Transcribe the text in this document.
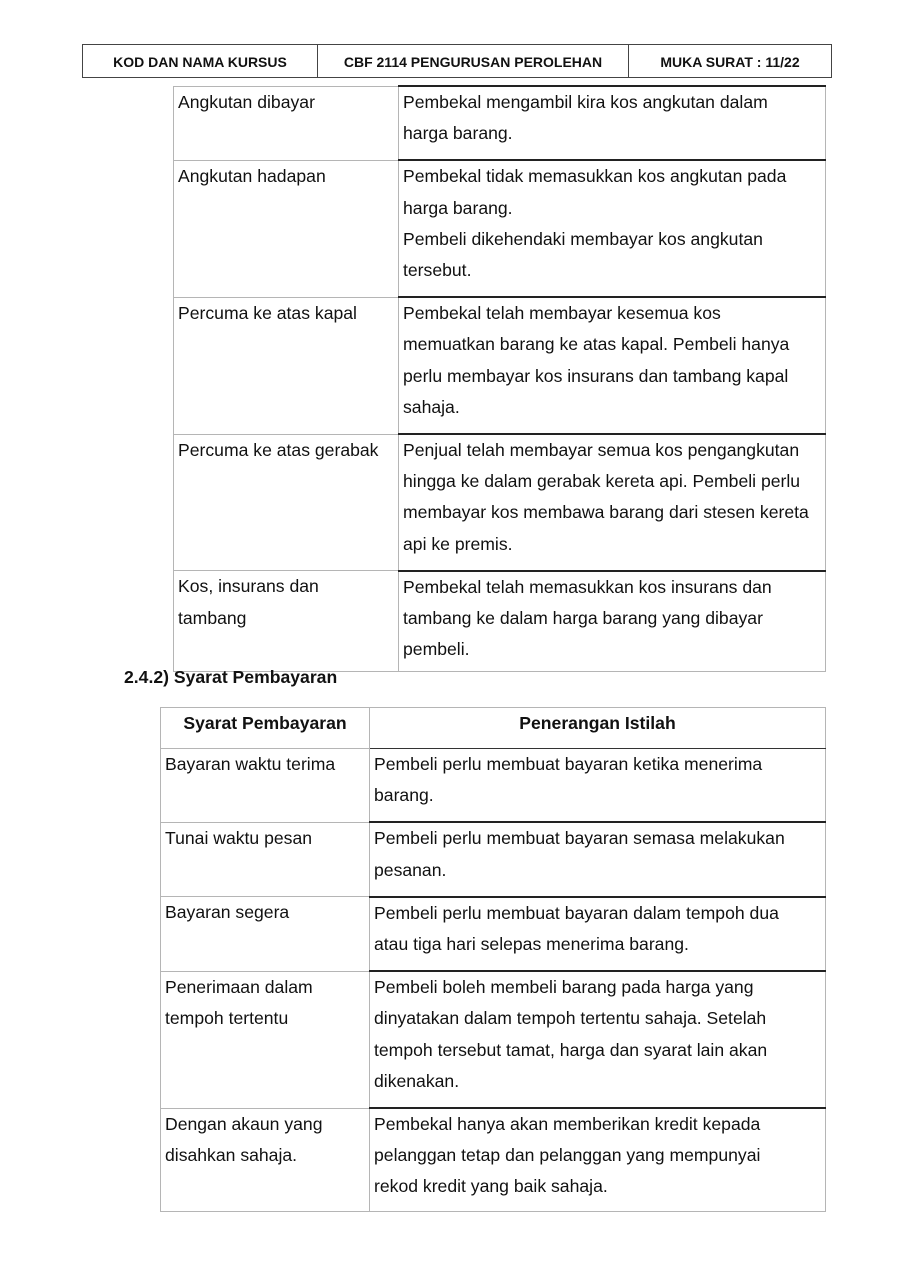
KOD DAN NAMA KURSUS	CBF 2114 PENGURUSAN PEROLEHAN	MUKA SURAT : 11/22
Angkutan dibayar	Pembekal mengambil kira kos angkutan dalam
harga barang.

Angkutan hadapan	Pembekal tidak memasukkan kos angkutan pada
harga barang.
Pembeli dikehendaki membayar kos angkutan
tersebut.

Percuma ke atas kapal	Pembekal telah membayar kesemua kos
memuatkan barang ke atas kapal. Pembeli hanya
perlu membayar kos insurans dan tambang kapal
sahaja.

Percuma ke atas gerabak	Penjual telah membayar semua kos pengangkutan
hingga ke dalam gerabak kereta api. Pembeli perlu
membayar kos membawa barang dari stesen kereta
api ke premis.

Kos, insurans dan
tambang	Pembekal telah memasukkan kos insurans dan
tambang ke dalam harga barang yang dibayar
pembeli.
2.4.2) Syarat Pembayaran
Syarat Pembayaran	Penerangan Istilah

Bayaran waktu terima	Pembeli perlu membuat bayaran ketika menerima
barang.

Tunai waktu pesan	Pembeli perlu membuat bayaran semasa melakukan
pesanan.

Bayaran segera	Pembeli perlu membuat bayaran dalam tempoh dua
atau tiga hari selepas menerima barang.

Penerimaan dalam
tempoh tertentu	Pembeli boleh membeli barang pada harga yang
dinyatakan dalam tempoh tertentu sahaja. Setelah
tempoh tersebut tamat, harga dan syarat lain akan
dikenakan.

Dengan akaun yang
disahkan sahaja.	Pembekal hanya akan memberikan kredit kepada
pelanggan tetap dan pelanggan yang mempunyai
rekod kredit yang baik sahaja.
